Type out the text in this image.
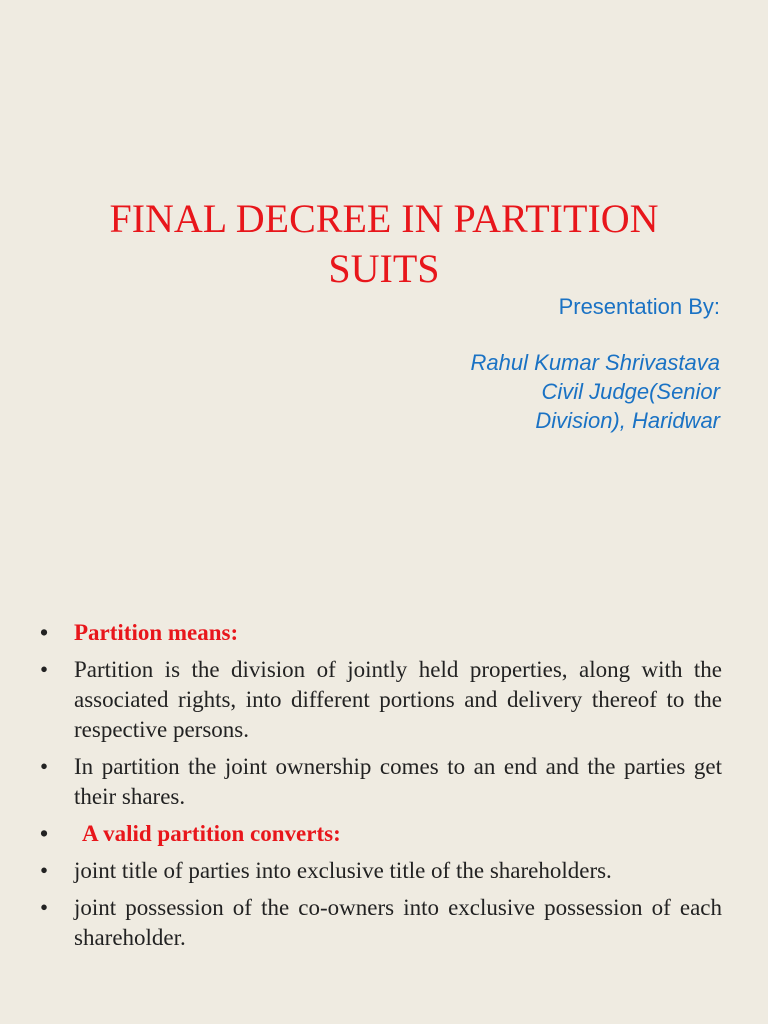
FINAL DECREE IN PARTITION
SUITS
Presentation By:
Rahul Kumar Shrivastava
Civil Judge(Senior
Division), Haridwar
• Partition means:
• Partition is the division of jointly held properties, along with the associated rights, into different portions and delivery thereof to the respective persons.
• In partition the joint ownership comes to an end and the parties get their shares.
• A valid partition converts:
• joint title of parties into exclusive title of the shareholders.
• joint possession of the co-owners into exclusive possession of each shareholder.
